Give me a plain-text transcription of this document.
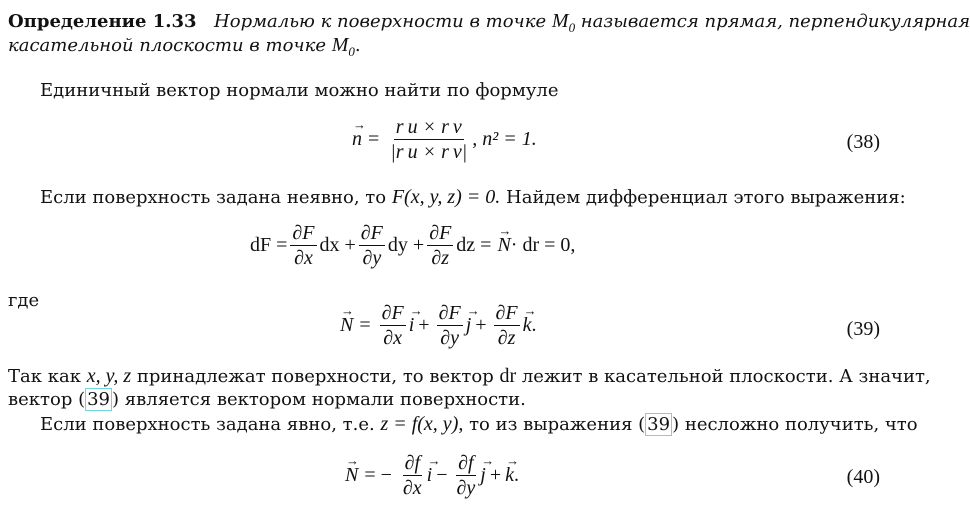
Определение 1.33 Нормалью к поверхности в точке $M_0$ называется прямая, перпендикулярная
касательной плоскости в точке $M_0$.
Единичный вектор нормали можно найти по формуле
→ $n = \frac{\text{r u × r v}}{\text{|r u × r v|}}$ , n² = 1.	(38)
Если поверхность задана неявно, то F(x, y, z) = 0. Найдем дифференциал этого выражения:
dF = $\frac{\partial F}{\partial x}$ dx + $\frac{\partial F}{\partial y}$ dy + $\frac{\partial F}{\partial z}$ dz =
→ N · dr = 0,
где
→ $N = \frac{\partial F}{\partial x}$
→ $i + \frac{\partial F}{\partial y}$
→ $j + \frac{\partial F}{\partial z}$
→ k .	(39)
Так как x, y, z принадлежат поверхности, то вектор dr лежит в касательной плоскости. А значит,
вектор ( 39 ) является вектором нормали поверхности.
Если поверхность задана явно, т.е. z = f(x, y), то из выражения ( 39 ) несложно получить, что
→ N = − $\frac{\partial f}{\partial x}$
→ $i - \frac{\partial f}{\partial y}$
→ j +
→ k .	(40)
